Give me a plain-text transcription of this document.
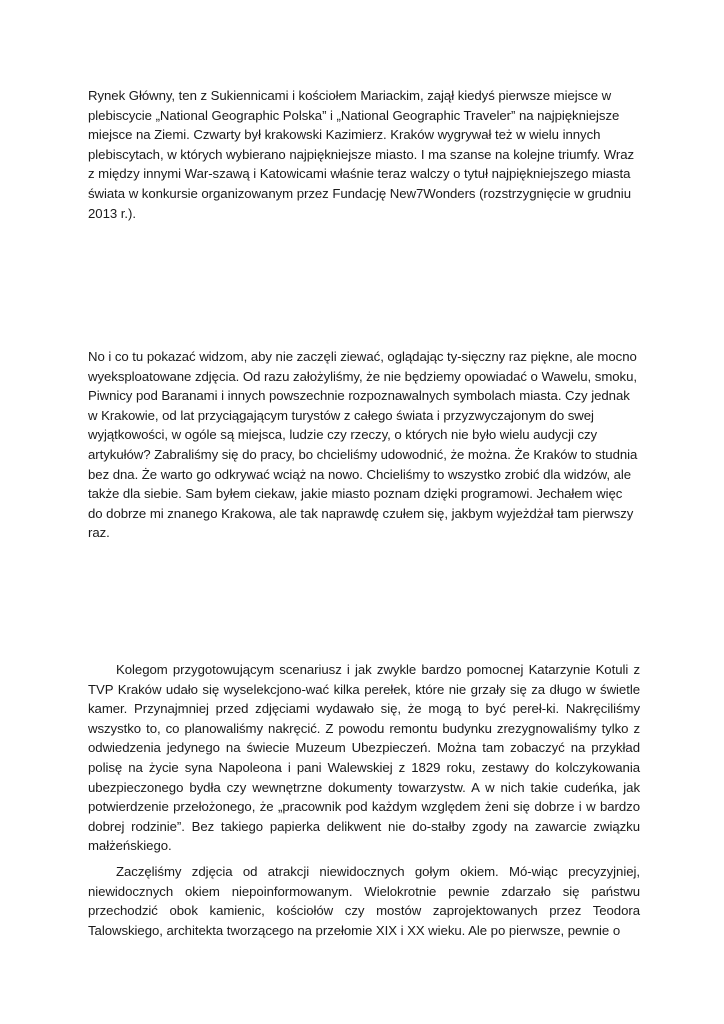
Rynek Główny, ten z Sukiennicami i kościołem Mariackim, zajął kiedyś pierwsze miejsce w plebiscycie „National Geographic Polska” i „National Geographic Traveler” na najpiękniejsze miejsce na Ziemi. Czwarty był krakowski Kazimierz. Kraków wygrywał też w wielu innych plebiscytach, w których wybierano najpiękniejsze miasto. I ma szanse na kolejne triumfy. Wraz z między innymi War-szawą i Katowicami właśnie teraz walczy o tytuł najpiękniejszego miasta świata w konkursie organizowanym przez Fundację New7Wonders (rozstrzygnięcie w grudniu 2013 r.).

No i co tu pokazać widzom, aby nie zaczęli ziewać, oglądając ty-sięczny raz piękne, ale mocno wyeksploatowane zdjęcia. Od razu założyliśmy, że nie będziemy opowiadać o Wawelu, smoku, Piwnicy pod Baranami i innych powszechnie rozpoznawalnych symbolach miasta. Czy jednak w Krakowie, od lat przyciągającym turystów z całego świata i przyzwyczajonym do swej wyjątkowości, w ogóle są miejsca, ludzie czy rzeczy, o których nie było wielu audycji czy artykułów? Zabraliśmy się do pracy, bo chcieliśmy udowodnić, że można. Że Kraków to studnia bez dna. Że warto go odkrywać wciąż na nowo. Chcieliśmy to wszystko zrobić dla widzów, ale także dla siebie. Sam byłem ciekaw, jakie miasto poznam dzięki programowi. Jechałem więc do dobrze mi znanego Krakowa, ale tak naprawdę czułem się, jakbym wyjeżdżał tam pierwszy raz.

Kolegom przygotowującym scenariusz i jak zwykle bardzo pomocnej Katarzynie Kotuli z TVP Kraków udało się wyselekcjono-wać kilka perełek, które nie grzały się za długo w świetle kamer. Przynajmniej przed zdjęciami wydawało się, że mogą to być pereł-ki. Nakręciliśmy wszystko to, co planowaliśmy nakręcić. Z powodu remontu budynku zrezygnowaliśmy tylko z odwiedzenia jedynego na świecie Muzeum Ubezpieczeń. Można tam zobaczyć na przykład polisę na życie syna Napoleona i pani Walewskiej z 1829 roku, zestawy do kolczykowania ubezpieczonego bydła czy wewnętrzne dokumenty towarzystw. A w nich takie cudeńka, jak potwierdzenie przełożonego, że „pracownik pod każdym względem żeni się dobrze i w bardzo dobrej rodzinie”. Bez takiego papierka delikwent nie do-stałby zgody na zawarcie związku małżeńskiego.

Zaczęliśmy zdjęcia od atrakcji niewidocznych gołym okiem. Mó-wiąc precyzyjniej, niewidocznych okiem niepoinformowanym. Wielokrotnie pewnie zdarzało się państwu przechodzić obok kamienic, kościołów czy mostów zaprojektowanych przez Teodora Talowskiego, architekta tworzącego na przełomie XIX i XX wieku. Ale po pierwsze, pewnie o
